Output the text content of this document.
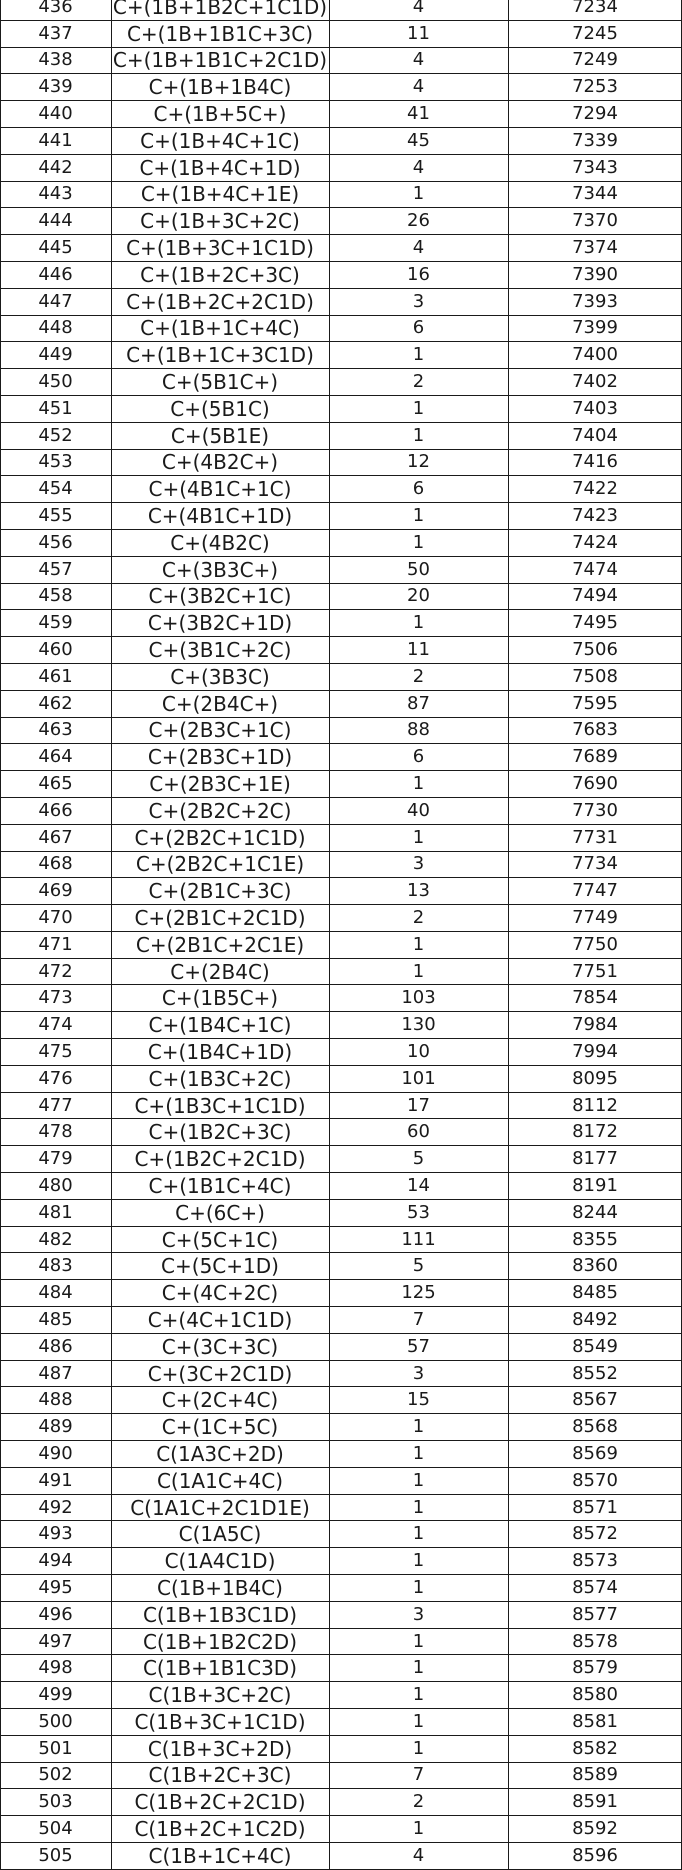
436	C+(1B+1B2C+1C1D)	4	7234
437	C+(1B+1B1C+3C)	11	7245
438	C+(1B+1B1C+2C1D)	4	7249
439	C+(1B+1B4C)	4	7253
440	C+(1B+5C+)	41	7294
441	C+(1B+4C+1C)	45	7339
442	C+(1B+4C+1D)	4	7343
443	C+(1B+4C+1E)	1	7344
444	C+(1B+3C+2C)	26	7370
445	C+(1B+3C+1C1D)	4	7374
446	C+(1B+2C+3C)	16	7390
447	C+(1B+2C+2C1D)	3	7393
448	C+(1B+1C+4C)	6	7399
449	C+(1B+1C+3C1D)	1	7400
450	C+(5B1C+)	2	7402
451	C+(5B1C)	1	7403
452	C+(5B1E)	1	7404
453	C+(4B2C+)	12	7416
454	C+(4B1C+1C)	6	7422
455	C+(4B1C+1D)	1	7423
456	C+(4B2C)	1	7424
457	C+(3B3C+)	50	7474
458	C+(3B2C+1C)	20	7494
459	C+(3B2C+1D)	1	7495
460	C+(3B1C+2C)	11	7506
461	C+(3B3C)	2	7508
462	C+(2B4C+)	87	7595
463	C+(2B3C+1C)	88	7683
464	C+(2B3C+1D)	6	7689
465	C+(2B3C+1E)	1	7690
466	C+(2B2C+2C)	40	7730
467	C+(2B2C+1C1D)	1	7731
468	C+(2B2C+1C1E)	3	7734
469	C+(2B1C+3C)	13	7747
470	C+(2B1C+2C1D)	2	7749
471	C+(2B1C+2C1E)	1	7750
472	C+(2B4C)	1	7751
473	C+(1B5C+)	103	7854
474	C+(1B4C+1C)	130	7984
475	C+(1B4C+1D)	10	7994
476	C+(1B3C+2C)	101	8095
477	C+(1B3C+1C1D)	17	8112
478	C+(1B2C+3C)	60	8172
479	C+(1B2C+2C1D)	5	8177
480	C+(1B1C+4C)	14	8191
481	C+(6C+)	53	8244
482	C+(5C+1C)	111	8355
483	C+(5C+1D)	5	8360
484	C+(4C+2C)	125	8485
485	C+(4C+1C1D)	7	8492
486	C+(3C+3C)	57	8549
487	C+(3C+2C1D)	3	8552
488	C+(2C+4C)	15	8567
489	C+(1C+5C)	1	8568
490	C(1A3C+2D)	1	8569
491	C(1A1C+4C)	1	8570
492	C(1A1C+2C1D1E)	1	8571
493	C(1A5C)	1	8572
494	C(1A4C1D)	1	8573
495	C(1B+1B4C)	1	8574
496	C(1B+1B3C1D)	3	8577
497	C(1B+1B2C2D)	1	8578
498	C(1B+1B1C3D)	1	8579
499	C(1B+3C+2C)	1	8580
500	C(1B+3C+1C1D)	1	8581
501	C(1B+3C+2D)	1	8582
502	C(1B+2C+3C)	7	8589
503	C(1B+2C+2C1D)	2	8591
504	C(1B+2C+1C2D)	1	8592
505	C(1B+1C+4C)	4	8596
